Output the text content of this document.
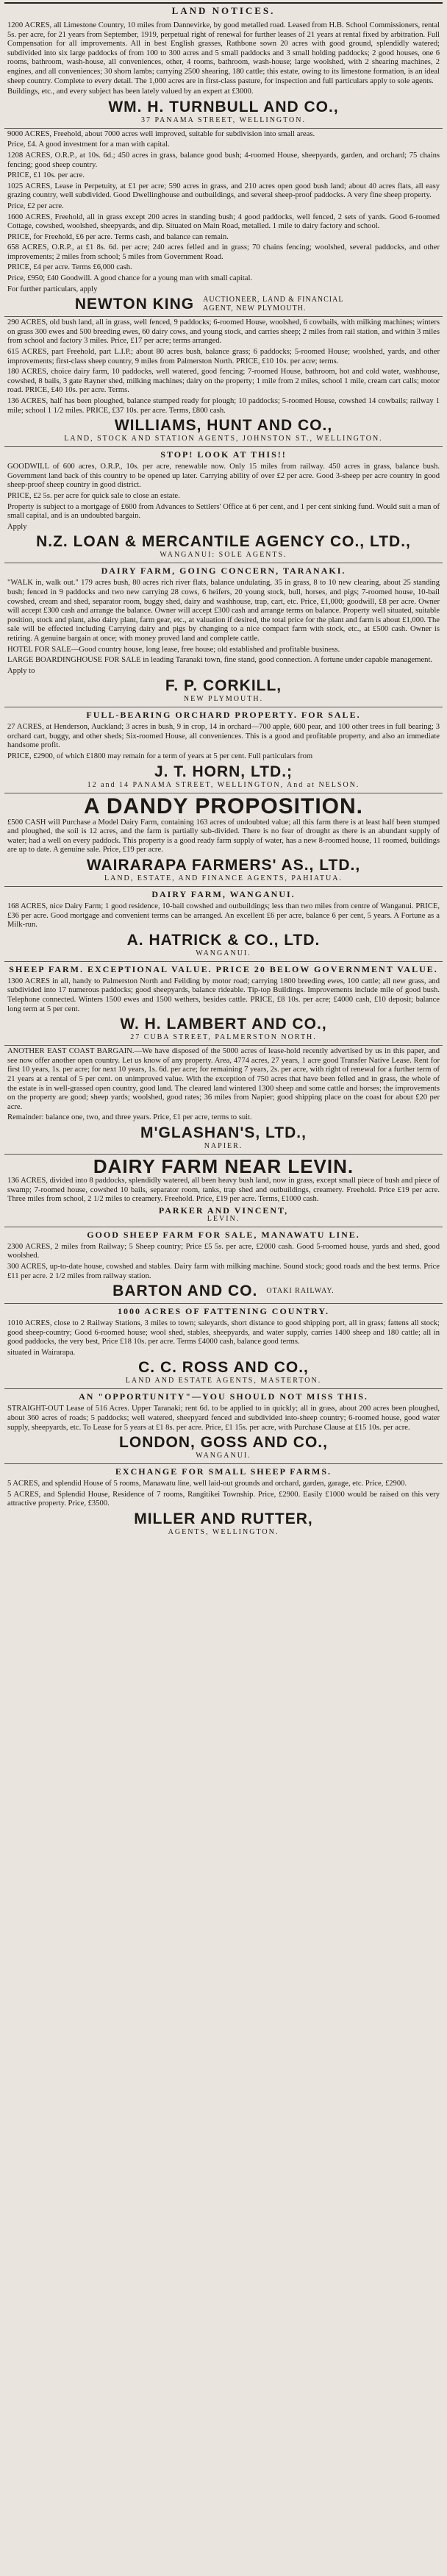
LAND NOTICES.

1200 ACRES, all Limestone Country, 10 miles from Dannevirke, by good metalled road. Leased from H.B. School Commissioners, rental 5s. per acre, for 21 years from September, 1919, perpetual right of renewal for further leases of 21 years at rental fixed by arbitration. Full Compensation for all improvements. All in best English grasses, Rathbone sown 20 acres with good ground, splendidly watered; subdivided into six large paddocks of from 100 to 300 acres and 5 small paddocks and 3 small holding paddocks; 2 good houses, one 6 rooms, bathroom, wash-house, all conveniences, other, 4 rooms, bathroom, wash-house; large woolshed, with 2 shearing machines, 2 engines, and all conveniences; 30 shorn lambs; carrying 2500 shearing, 180 cattle; this estate, owing to its limestone formation, is an ideal sheep country. Complete to every detail. The 1,000 acres are in first-class pasture, for inspection and full particulars apply to sole agents.

Buildings, etc., and every subject has been lately valued by an expert at £3000.

WM. H. TURNBULL AND CO.,
37 PANAMA STREET, WELLINGTON.

9000 ACRES, Freehold, about 7000 acres well improved, suitable for subdivision into small areas.

Price, £4. A good investment for a man with capital.

1208 ACRES, O.R.P., at 10s. 6d.; 450 acres in grass, balance good bush; 4-roomed House, sheepyards, garden, and orchard; 75 chains fencing; good sheep country.

PRICE, £1 10s. per acre.

1025 ACRES, Lease in Perpetuity, at £1 per acre; 590 acres in grass, and 210 acres open good bush land; about 40 acres flats, all easy grazing country, well subdivided. Good Dwellinghouse and outbuildings, and several sheep-proof paddocks. A very fine sheep property.

Price, £2 per acre.

1600 ACRES, Freehold, all in grass except 200 acres in standing bush; 4 good paddocks, well fenced, 2 sets of yards. Good 6-roomed Cottage, cowshed, woolshed, sheepyards, and dip. Situated on Main Road, metalled. 1 mile to dairy factory and school.

PRICE, for Freehold, £6 per acre. Terms cash, and balance can remain.

658 ACRES, O.R.P., at £1 8s. 6d. per acre; 240 acres felled and in grass; 70 chains fencing; woolshed, several paddocks, and other improvements; 2 miles from school; 5 miles from Government Road.

PRICE, £4 per acre. Terms £6,000 cash.

Price, £950; £40 Goodwill. A good chance for a young man with small capital.

For further particulars, apply

NEWTON KING AUCTIONEER, LAND & FINANCIAL AGENT, NEW PLYMOUTH.

290 ACRES, old bush land, all in grass, well fenced, 9 paddocks; 6-roomed House, woolshed, 6 cowbails, with milking machines; winters on grass 300 ewes and 500 breeding ewes, 60 dairy cows, and young stock, and carries sheep; 2 miles from rail station, and within 3 miles from school and factory 3 miles. Price, £17 per acre; terms arranged.

615 ACRES, part Freehold, part L.I.P.; about 80 acres bush, balance grass; 6 paddocks; 5-roomed House; woolshed, yards, and other improvements; first-class sheep country, 9 miles from Palmerston North. PRICE, £10 10s. per acre; terms.

180 ACRES, choice dairy farm, 10 paddocks, well watered, good fencing; 7-roomed House, bathroom, hot and cold water, washhouse, cowshed, 8 bails, 3 gate Rayner shed, milking machines; dairy on the property; 1 mile from 2 miles, school 1 mile, cream cart calls; motor road. PRICE, £40 10s. per acre. Terms.

136 ACRES, half has been ploughed, balance stumped ready for plough; 10 paddocks; 5-roomed House, cowshed 14 cowbails; railway 1 mile; school 1 1/2 miles. PRICE, £37 10s. per acre. Terms, £800 cash.

WILLIAMS, HUNT AND CO.,
LAND, STOCK AND STATION AGENTS, JOHNSTON ST., WELLINGTON.
STOP! LOOK AT THIS!!

GOODWILL of 600 acres, O.R.P., 10s. per acre, renewable now. Only 15 miles from railway. 450 acres in grass, balance bush. Government land back of this country to be opened up later. Carrying ability of over £2 per acre. Good 3-sheep per acre country in good sheep-proof sheep country in good district.

PRICE, £2 5s. per acre for quick sale to close an estate.

Property is subject to a mortgage of £600 from Advances to Settlers' Office at 6 per cent, and 1 per cent sinking fund. Would suit a man of small capital, and is an undoubted bargain.

Apply

N.Z. LOAN & MERCANTILE AGENCY CO., LTD.,
WANGANUI: SOLE AGENTS.
DAIRY FARM, GOING CONCERN, TARANAKI.

"WALK in, walk out." 179 acres bush, 80 acres rich river flats, balance undulating, 35 in grass, 8 to 10 new clearing, about 25 standing bush; fenced in 9 paddocks and two new carrying 28 cows, 6 heifers, 20 young stock, bull, horses, and pigs; 7-roomed house, 10-bail cowshed, cream and shed, separator room, buggy shed, dairy and washhouse, trap, cart, etc. Price, £1,000; goodwill, £8 per acre. Owner will accept £300 cash and arrange the balance. Owner will accept £300 cash and arrange terms on balance. Property well situated, suitable position, stock and plant, also dairy plant, farm gear, etc., at valuation if desired, the total price for the plant and farm is about £1,000. The sale will be effected including Carrying dairy and pigs by changing to a nice compact farm with stock, etc., at £500 cash. Owner is retiring. A genuine bargain at once; with money proved land and complete cattle.

HOTEL FOR SALE—Good country house, long lease, free house; old established and profitable business.

LARGE BOARDINGHOUSE FOR SALE in leading Taranaki town, fine stand, good connection. A fortune under capable management.

Apply to

F. P. CORKILL,
NEW PLYMOUTH.
FULL-BEARING ORCHARD PROPERTY. FOR SALE.

27 ACRES, at Henderson, Auckland; 3 acres in bush, 9 in crop, 14 in orchard—700 apple, 600 pear, and 100 other trees in full bearing; 3 orchard cart, buggy, and other sheds; Six-roomed House, all conveniences. This is a good and profitable property, and also an immediate handsome profit.

PRICE, £2900, of which £1800 may remain for a term of years at 5 per cent. Full particulars from

J. T. HORN, LTD.;
12 and 14 PANAMA STREET, WELLINGTON, And at NELSON.
A DANDY PROPOSITION.

£500 CASH will Purchase a Model Dairy Farm, containing 163 acres of undoubted value; all this farm there is at least half been stumped and ploughed, the soil is 12 acres, and the farm is partially sub-divided. There is no fear of drought as there is an abundant supply of water; had a well on every paddock. This property is a good ready farm supply of water, has a new 8-roomed house, 11 roomed, buildings are up to date. A genuine sale. Price, £19 per acre.

WAIRARAPA FARMERS' AS., LTD.,
LAND, ESTATE, AND FINANCE AGENTS, PAHIATUA.
DAIRY FARM, WANGANUI.

168 ACRES, nice Dairy Farm; 1 good residence, 10-bail cowshed and outbuildings; less than two miles from centre of Wanganui. PRICE, £36 per acre. Good mortgage and convenient terms can be arranged. An excellent £6 per acre, balance 6 per cent, 5 years. A Fortune as a Milk-run.

A. HATRICK & CO., LTD.
WANGANUI.
SHEEP FARM. EXCEPTIONAL VALUE. PRICE 20 BELOW GOVERNMENT VALUE.

1300 ACRES in all, handy to Palmerston North and Feilding by motor road; carrying 1800 breeding ewes, 100 cattle; all new grass, and subdivided into 17 numerous paddocks; good sheepyards, balance rideable. Tip-top Buildings. Improvements include mile of good bush. Telephone connected. Winters 1500 ewes and 1500 wethers, besides cattle. PRICE, £8 10s. per acre; £4000 cash, £10 deposit; balance long term at 5 per cent.

W. H. LAMBERT AND CO.,
27 CUBA STREET, PALMERSTON NORTH.

ANOTHER EAST COAST BARGAIN.—We have disposed of the 5000 acres of lease-hold recently advertised by us in this paper, and see now offer another open country. Let us know of any property. Area, 4774 acres, 27 years, 1 acre good Transfer Native Lease. Rent for first 10 years, 1s. per acre; for next 10 years, 1s. 6d. per acre; for remaining 7 years, 2s. per acre, with right of renewal for a further term of 21 years at a rental of 5 per cent. on unimproved value. With the exception of 750 acres that have been felled and in grass, the whole of the estate is in well-grassed open country, good land. The cleared land wintered 1300 sheep and some cattle and horses; the improvements on the property are good; sheep yards; woolshed, good rates; 36 miles from Napier; good shipping place on the coast for about £20 per acre.

Remainder: balance one, two, and three years. Price, £1 per acre, terms to suit.

M'GLASHAN'S, LTD.,
NAPIER.
DAIRY FARM NEAR LEVIN.

136 ACRES, divided into 8 paddocks, splendidly watered, all been heavy bush land, now in grass, except small piece of bush and piece of swamp; 7-roomed house, cowshed 10 bails, separator room, tanks, trap shed and outbuildings, creamery. Freehold. Price £19 per acre. Three miles from school, 2 1/2 miles to creamery. Freehold. Price, £19 per acre. Terms, £1000 cash.

PARKER AND VINCENT,
LEVIN.
GOOD SHEEP FARM FOR SALE, MANAWATU LINE.

2300 ACRES, 2 miles from Railway; 5 Sheep country; Price £5 5s. per acre, £2000 cash. Good 5-roomed house, yards and shed, good woolshed.

300 ACRES, up-to-date house, cowshed and stables. Dairy farm with milking machine. Sound stock; good roads and the best terms. Price £11 per acre. 2 1/2 miles from railway station.

BARTON AND CO. OTAKI RAILWAY.
1000 ACRES OF FATTENING COUNTRY.

1010 ACRES, close to 2 Railway Stations, 3 miles to town; saleyards, short distance to good shipping port, all in grass; fattens all stock; good sheep-country; Good 6-roomed house; wool shed, stables, sheepyards, and water supply, carries 1400 sheep and 180 cattle; all in good paddocks, the very best, Price £18 10s. per acre. Terms £4000 cash, balance good terms.

situated in Wairarapa.

C. C. ROSS AND CO.,
LAND AND ESTATE AGENTS, MASTERTON.
AN "OPPORTUNITY"—YOU SHOULD NOT MISS THIS.

STRAIGHT-OUT Lease of 516 Acres. Upper Taranaki; rent 6d. to be applied to in quickly; all in grass, about 200 acres been ploughed, about 360 acres of roads; 5 paddocks; well watered, sheepyard fenced and subdivided into-sheep country; 6-roomed house, good water supply, sheepyards, etc. To Lease for 5 years at £1 8s. per acre. Price, £1 15s. per acre, with Purchase Clause at £15 10s. per acre.

LONDON, GOSS AND CO.,
WANGANUI.
EXCHANGE FOR SMALL SHEEP FARMS.

5 ACRES, and splendid House of 5 rooms, Manawatu line, well laid-out grounds and orchard, garden, garage, etc. Price, £2900.

5 ACRES, and Splendid House, Residence of 7 rooms, Rangitikei Township. Price, £2900. Easily £1000 would be raised on this very attractive property. Price, £3500.

MILLER AND RUTTER,
AGENTS, WELLINGTON.
